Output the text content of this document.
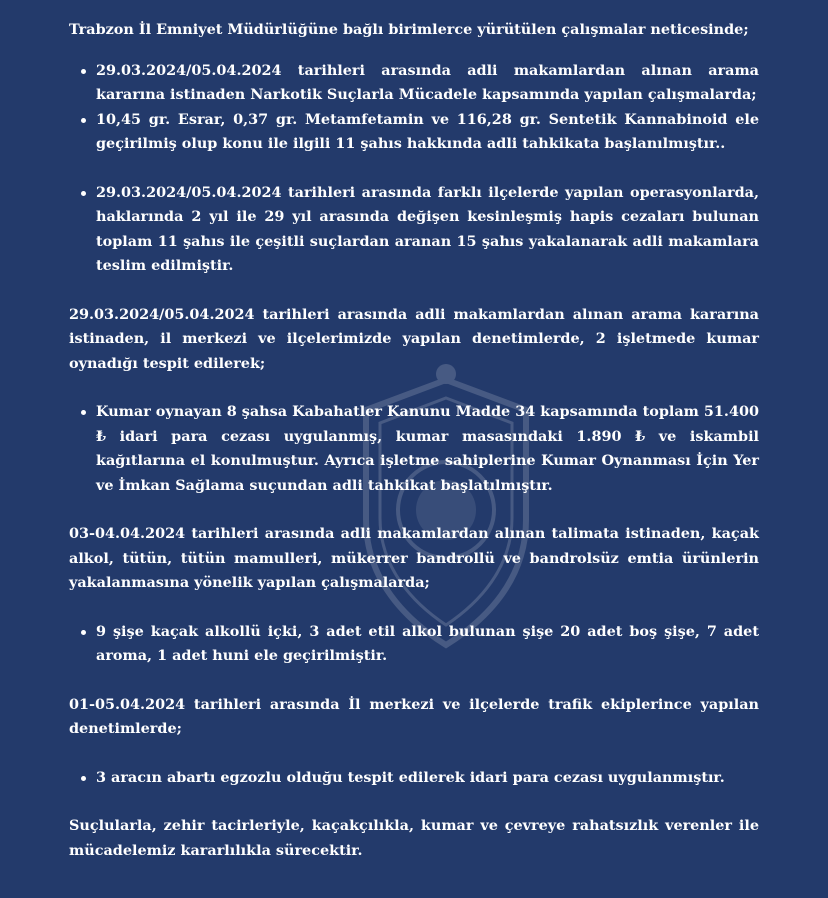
Trabzon İl Emniyet Müdürlüğüne bağlı birimlerce yürütülen çalışmalar neticesinde;

29.03.2024/05.04.2024 tarihleri arasında adli makamlardan alınan arama kararına istinaden Narkotik Suçlarla Mücadele kapsamında yapılan çalışmalarda;
10,45 gr. Esrar, 0,37 gr. Metamfetamin ve 116,28 gr. Sentetik Kannabinoid ele geçirilmiş olup konu ile ilgili 11 şahıs hakkında adli tahkikata başlanılmıştır..
29.03.2024/05.04.2024 tarihleri arasında farklı ilçelerde yapılan operasyonlarda, haklarında 2 yıl ile 29 yıl arasında değişen kesinleşmiş hapis cezaları bulunan toplam 11 şahıs ile çeşitli suçlardan aranan 15 şahıs yakalanarak adli makamlara teslim edilmiştir.

29.03.2024/05.04.2024 tarihleri arasında adli makamlardan alınan arama kararına istinaden, il merkezi ve ilçelerimizde yapılan denetimlerde, 2 işletmede kumar oynadığı tespit edilerek;

Kumar oynayan 8 şahsa Kabahatler Kanunu Madde 34 kapsamında toplam 51.400 ₺ idari para cezası uygulanmış, kumar masasındaki 1.890 ₺ ve iskambil kağıtlarına el konulmuştur. Ayrıca işletme sahiplerine Kumar Oynanması İçin Yer ve İmkan Sağlama suçundan adli tahkikat başlatılmıştır.

03-04.04.2024 tarihleri arasında adli makamlardan alınan talimata istinaden, kaçak alkol, tütün, tütün mamulleri, mükerrer bandrollü ve bandrolsüz emtia ürünlerin yakalanmasına yönelik yapılan çalışmalarda;

9 şişe kaçak alkollü içki, 3 adet etil alkol bulunan şişe 20 adet boş şişe, 7 adet aroma, 1 adet huni ele geçirilmiştir.

01-05.04.2024 tarihleri arasında İl merkezi ve ilçelerde trafik ekiplerince yapılan denetimlerde;

3 aracın abartı egzozlu olduğu tespit edilerek idari para cezası uygulanmıştır.

Suçlularla, zehir tacirleriyle, kaçakçılıkla, kumar ve çevreye rahatsızlık verenler ile mücadelemiz kararlılıkla sürecektir.
